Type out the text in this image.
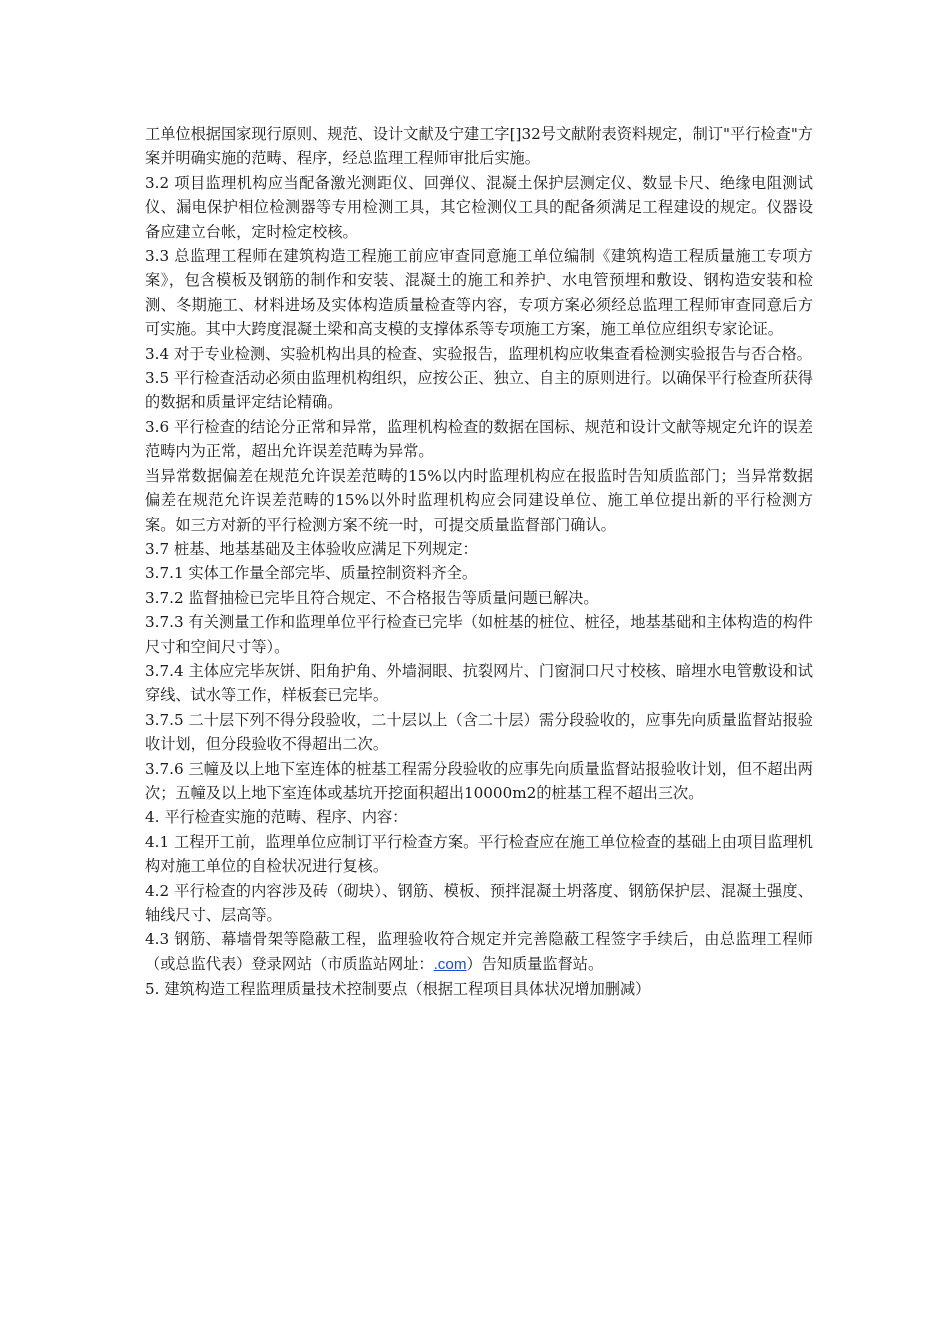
工单位根据国家现行原则、规范、设计文献及宁建工字[]32号文献附表资料规定，制订"平行检查"方案并明确实施的范畴、程序，经总监理工程师审批后实施。

3.2 项目监理机构应当配备激光测距仪、回弹仪、混凝土保护层测定仪、数显卡尺、绝缘电阻测试仪、漏电保护相位检测器等专用检测工具，其它检测仪工具的配备须满足工程建设的规定。仪器设备应建立台帐，定时检定校核。

3.3 总监理工程师在建筑构造工程施工前应审查同意施工单位编制《建筑构造工程质量施工专项方案》，包含模板及钢筋的制作和安装、混凝土的施工和养护、水电管预埋和敷设、钢构造安装和检测、冬期施工、材料进场及实体构造质量检查等内容，专项方案必须经总监理工程师审查同意后方可实施。其中大跨度混凝土梁和高支模的支撑体系等专项施工方案，施工单位应组织专家论证。

3.4 对于专业检测、实验机构出具的检查、实验报告，监理机构应收集查看检测实验报告与否合格。

3.5 平行检查活动必须由监理机构组织，应按公正、独立、自主的原则进行。以确保平行检查所获得的数据和质量评定结论精确。

3.6 平行检查的结论分正常和异常，监理机构检查的数据在国标、规范和设计文献等规定允许的误差范畴内为正常，超出允许误差范畴为异常。

当异常数据偏差在规范允许误差范畴的15%以内时监理机构应在报监时告知质监部门；当异常数据偏差在规范允许误差范畴的15%以外时监理机构应会同建设单位、施工单位提出新的平行检测方案。如三方对新的平行检测方案不统一时，可提交质量监督部门确认。

3.7 桩基、地基基础及主体验收应满足下列规定：

3.7.1 实体工作量全部完毕、质量控制资料齐全。

3.7.2 监督抽检已完毕且符合规定、不合格报告等质量问题已解决。

3.7.3 有关测量工作和监理单位平行检查已完毕（如桩基的桩位、桩径，地基基础和主体构造的构件尺寸和空间尺寸等）。

3.7.4 主体应完毕灰饼、阳角护角、外墙洞眼、抗裂网片、门窗洞口尺寸校核、暗埋水电管敷设和试穿线、试水等工作，样板套已完毕。

3.7.5 二十层下列不得分段验收，二十层以上（含二十层）需分段验收的，应事先向质量监督站报验收计划，但分段验收不得超出二次。

3.7.6 三幢及以上地下室连体的桩基工程需分段验收的应事先向质量监督站报验收计划，但不超出两次；五幢及以上地下室连体或基坑开挖面积超出10000m2的桩基工程不超出三次。

4. 平行检查实施的范畴、程序、内容：

4.1 工程开工前，监理单位应制订平行检查方案。平行检查应在施工单位检查的基础上由项目监理机构对施工单位的自检状况进行复核。

4.2 平行检查的内容涉及砖（砌块）、钢筋、模板、预拌混凝土坍落度、钢筋保护层、混凝土强度、轴线尺寸、层高等。

4.3 钢筋、幕墙骨架等隐蔽工程，监理验收符合规定并完善隐蔽工程签字手续后，由总监理工程师（或总监代表）登录网站（市质监站网址：.com）告知质量监督站。

5. 建筑构造工程监理质量技术控制要点（根据工程项目具体状况增加删减）
